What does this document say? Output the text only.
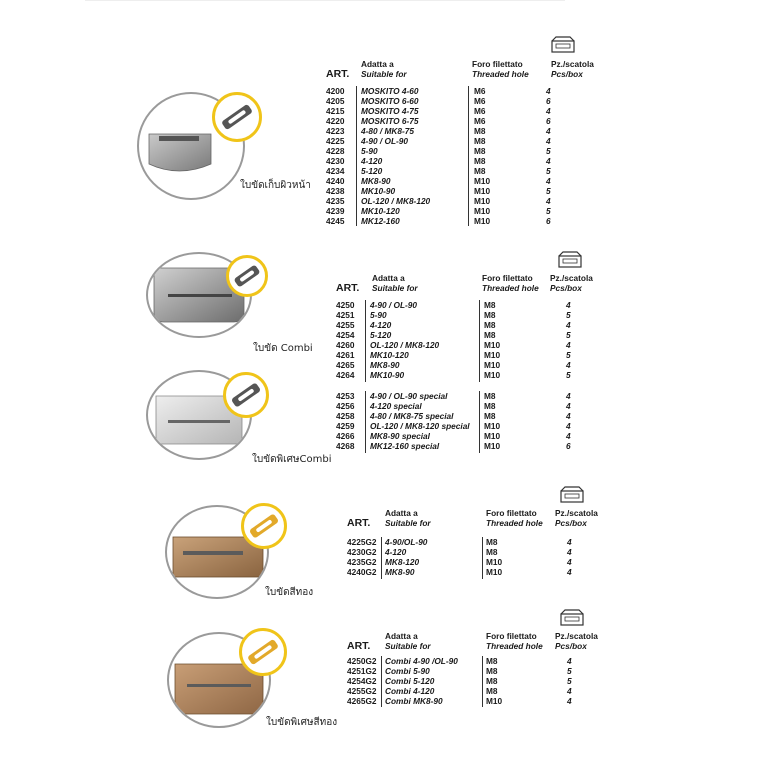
ใบขัดเก็บผิวหน้า
ART.
Adatta a
Suitable for
Foro filettato
Threaded hole
Pz./scatola
Pcs/box
4200 MOSKITO 4-60	M6	4
4205 MOSKITO 6-60	M6	6
4215 MOSKITO 4-75	M6	4
4220 MOSKITO 6-75	M6	6
4223 4-80 / MK8-75	M8	4
4225 4-90 / OL-90	M8	4
4228 5-90	M8	5
4230 4-120	M8	4
4234 5-120	M8	5
4240 MK8-90	M10	4
4238 MK10-90	M10	5
4235 OL-120 / MK8-120	M10	4
4239 MK10-120	M10	5
4245 MK12-160	M10	6
ใบขัด Combi
ใบขัดพิเศษCombi
ART.
Adatta a
Suitable for
Foro filettato
Threaded hole
Pz./scatola
Pcs/box
4250 4-90 / OL-90	M8	4
4251 5-90	M8	5
4255 4-120	M8	4
4254 5-120	M8	5
4260 OL-120 / MK8-120	M10	4
4261 MK10-120	M10	5
4265 MK8-90	M10	4
4264 MK10-90	M10	5
4253 4-90 / OL-90 special	M8	4
4256 4-120 special	M8	4
4258 4-80 / MK8-75 special	M8	4
4259 OL-120 / MK8-120 special M10	4
4266 MK8-90 special	M10	4
4268 MK12-160 special	M10	6
ใบขัดสีทอง
ART.
Adatta a
Suitable for
Foro filettato
Threaded hole
Pz./scatola
Pcs/box
4225G2 4-90/OL-90	M8	4
4230G2 4-120	M8	4
4235G2 MK8-120	M10	4
4240G2 MK8-90	M10	4
ใบขัดพิเศษสีทอง
ART.
Adatta a
Suitable for
Foro filettato
Threaded hole
Pz./scatola
Pcs/box
4250G2 Combi 4-90 /OL-90	M8	4
4251G2 Combi 5-90	M8	5
4254G2 Combi 5-120	M8	5
4255G2 Combi 4-120	M8	4
4265G2 Combi MK8-90	M10	4
